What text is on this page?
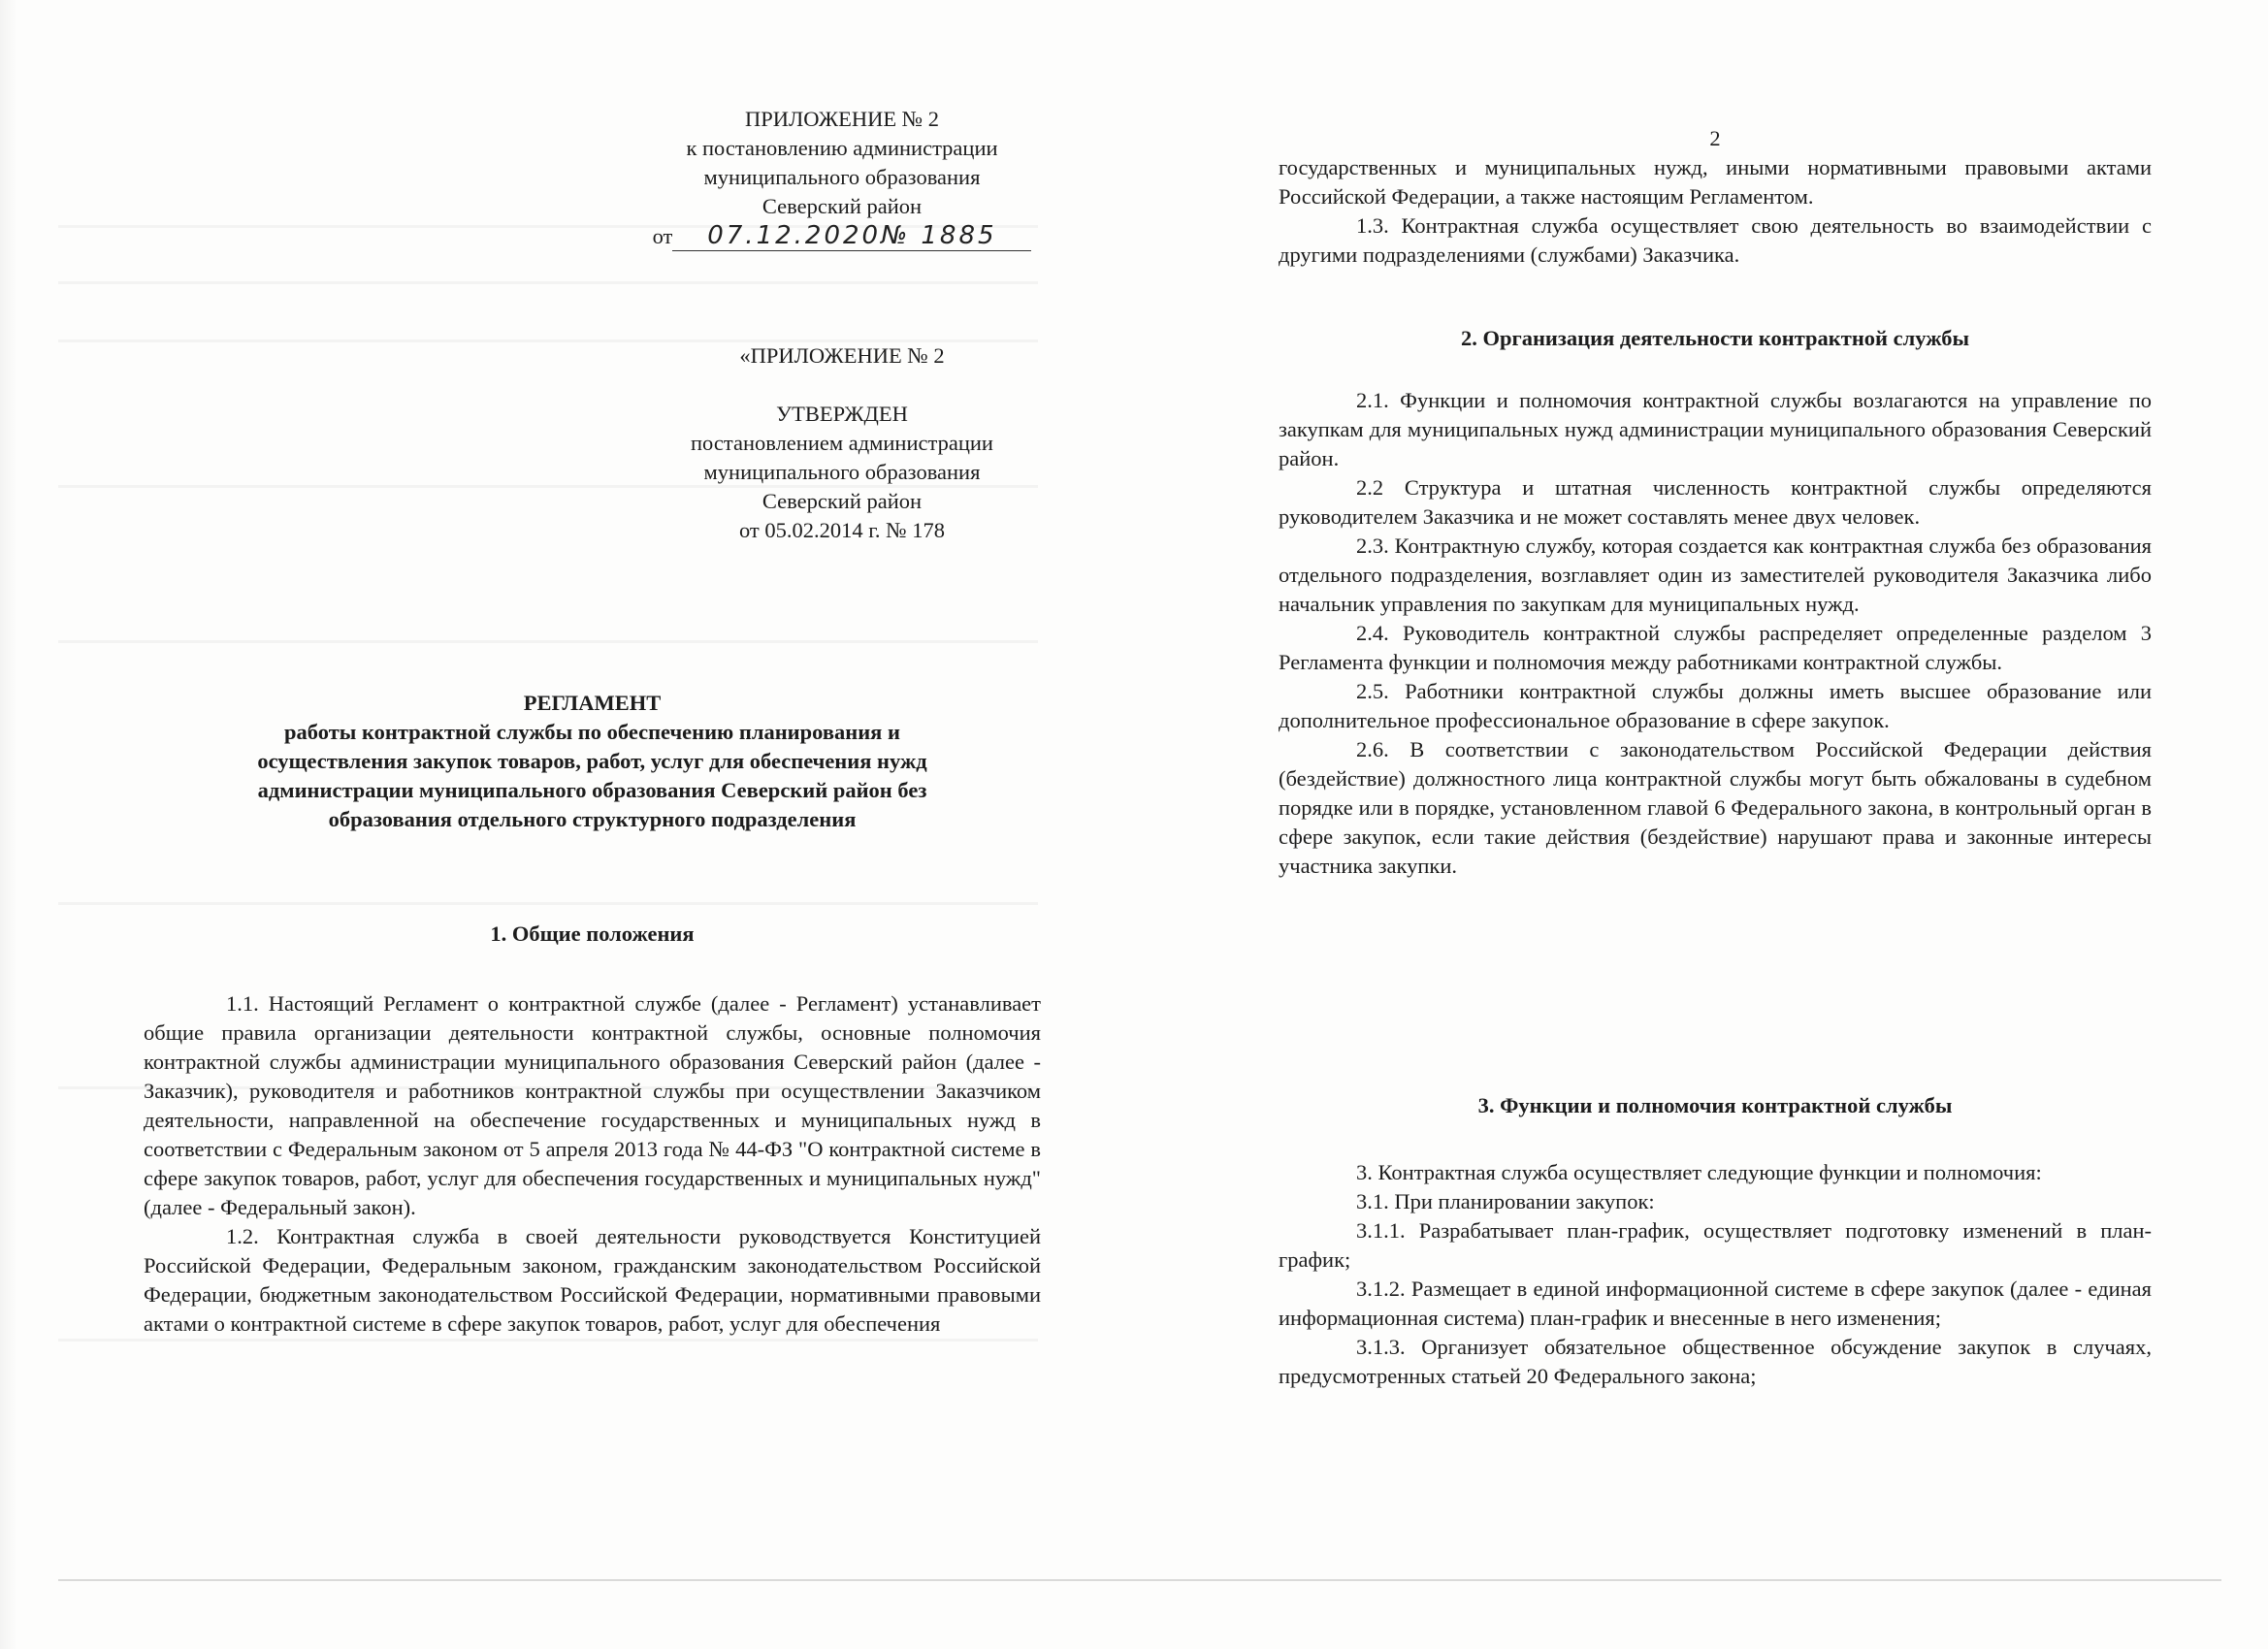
ПРИЛОЖЕНИЕ № 2
к постановлению администрации
муниципального образования
Северский район
от 07.12.2020№ 1885
«ПРИЛОЖЕНИЕ № 2
УТВЕРЖДЕН
постановлением администрации
муниципального образования
Северский район
от 05.02.2014 г. № 178
РЕГЛАМЕНТ
работы контрактной службы по обеспечению планирования и
осуществления закупок товаров, работ, услуг для обеспечения нужд
администрации муниципального образования Северский район без
образования отдельного структурного подразделения
1. Общие положения

1.1. Настоящий Регламент о контрактной службе (далее - Регламент) устанавливает общие правила организации деятельности контрактной службы, основные полномочия контрактной службы администрации муниципального образования Северский район (далее - Заказчик), руководителя и работников контрактной службы при осуществлении Заказчиком деятельности, направленной на обеспечение государственных и муниципальных нужд в соответствии с Федеральным законом от 5 апреля 2013 года № 44-ФЗ "О контрактной системе в сфере закупок товаров, работ, услуг для обеспечения государственных и муниципальных нужд" (далее - Федеральный закон).

1.2. Контрактная служба в своей деятельности руководствуется Конституцией Российской Федерации, Федеральным законом, гражданским законодательством Российской Федерации, бюджетным законодательством Российской Федерации, нормативными правовыми актами о контрактной системе в сфере закупок товаров, работ, услуг для обеспечения

2

государственных и муниципальных нужд, иными нормативными правовыми актами Российской Федерации, а также настоящим Регламентом.

1.3. Контрактная служба осуществляет свою деятельность во взаимодействии с другими подразделениями (службами) Заказчика.

2. Организация деятельности контрактной службы

2.1. Функции и полномочия контрактной службы возлагаются на управление по закупкам для муниципальных нужд администрации муниципального образования Северский район.

2.2 Структура и штатная численность контрактной службы определяются руководителем Заказчика и не может составлять менее двух человек.

2.3. Контрактную службу, которая создается как контрактная служба без образования отдельного подразделения, возглавляет один из заместителей руководителя Заказчика либо начальник управления по закупкам для муниципальных нужд.

2.4. Руководитель контрактной службы распределяет определенные разделом 3 Регламента функции и полномочия между работниками контрактной службы.

2.5. Работники контрактной службы должны иметь высшее образование или дополнительное профессиональное образование в сфере закупок.

2.6. В соответствии с законодательством Российской Федерации действия (бездействие) должностного лица контрактной службы могут быть обжалованы в судебном порядке или в порядке, установленном главой 6 Федерального закона, в контрольный орган в сфере закупок, если такие действия (бездействие) нарушают права и законные интересы участника закупки.

3. Функции и полномочия контрактной службы

3. Контрактная служба осуществляет следующие функции и полномочия:

3.1. При планировании закупок:

3.1.1. Разрабатывает план-график, осуществляет подготовку изменений в план-график;

3.1.2. Размещает в единой информационной системе в сфере закупок (далее - единая информационная система) план-график и внесенные в него изменения;

3.1.3. Организует обязательное общественное обсуждение закупок в случаях, предусмотренных статьей 20 Федерального закона;
